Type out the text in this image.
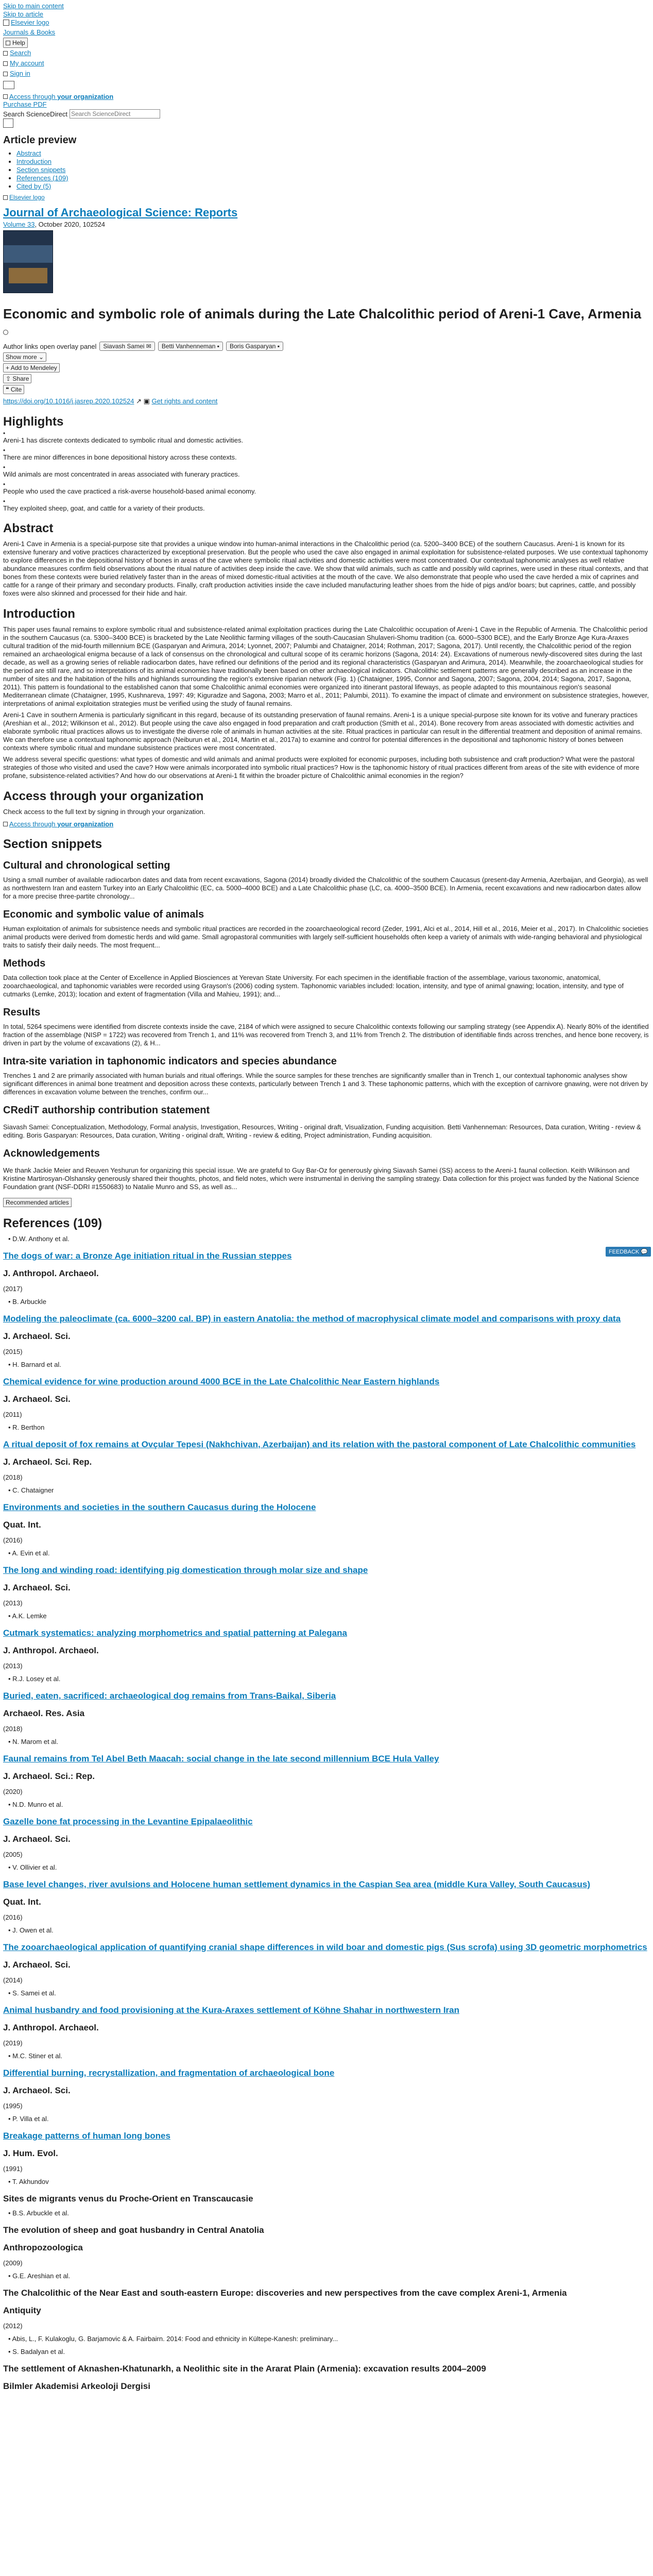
Skip to main content
Skip to article
Elsevier logo
Journals & Books
Help
Search
My account
Sign in
Access through your organization
Purchase PDF
Search ScienceDirect
Search ScienceDirect
Article preview
• Abstract
• Introduction
• Section snippets
• References (109)
• Cited by (5)
Elsevier logo
Journal of Archaeological Science: Reports
Volume 33, October 2020, 102524
Economic and symbolic role of animals during the Late Chalcolithic period of Areni-1 Cave, Armenia
Author links open overlay panel	Siavash Samei ✉	Betti Vanhenneman ▪	Boris Gasparyan ▪
Show more ⌄
+ Add to Mendeley
⇪ Share
❝ Cite
https://doi.org/10.1016/j.jasrep.2020.102524 ↗ ▣ Get rights and content
Highlights
• Areni-1 has discrete contexts dedicated to symbolic ritual and domestic activities.
• There are minor differences in bone depositional history across these contexts.
• Wild animals are most concentrated in areas associated with funerary practices.
• People who used the cave practiced a risk-averse household-based animal economy.
• They exploited sheep, goat, and cattle for a variety of their products.
Abstract

Areni-1 Cave in Armenia is a special-purpose site that provides a unique window into human-animal interactions in the Chalcolithic period (ca. 5200–3400 BCE) of the southern Caucasus. Areni-1 is known for its extensive funerary and votive practices characterized by exceptional preservation. But the people who used the cave also engaged in animal exploitation for subsistence-related purposes. We use contextual taphonomy to explore differences in the depositional history of bones in areas of the cave where symbolic ritual activities and domestic activities were most concentrated. Our contextual taphonomic analyses as well relative abundance measures confirm field observations about the ritual nature of activities deep inside the cave. We show that wild animals, such as cattle and possibly wild caprines, were used in these ritual contexts, and that bones from these contexts were buried relatively faster than in the areas of mixed domestic-ritual activities at the mouth of the cave. We also demonstrate that people who used the cave herded a mix of caprines and cattle for a range of their primary and secondary products. Finally, craft production activities inside the cave included manufacturing leather shoes from the hide of pigs and/or boars; but caprines, cattle, and possibly foxes were also skinned and processed for their hide and hair.

Introduction

This paper uses faunal remains to explore symbolic ritual and subsistence-related animal exploitation practices during the Late Chalcolithic occupation of Areni-1 Cave in the Republic of Armenia. The Chalcolithic period in the southern Caucasus (ca. 5300–3400 BCE) is bracketed by the Late Neolithic farming villages of the south-Caucasian Shulaveri-Shomu tradition (ca. 6000–5300 BCE), and the Early Bronze Age Kura-Araxes cultural tradition of the mid-fourth millennium BCE (Gasparyan and Arimura, 2014; Lyonnet, 2007; Palumbi and Chataigner, 2014; Rothman, 2017; Sagona, 2017). Until recently, the Chalcolithic period of the region remained an archaeological enigma because of a lack of consensus on the chronological and cultural scope of its ceramic horizons (Sagona, 2014: 24). Excavations of numerous newly-discovered sites during the last decade, as well as a growing series of reliable radiocarbon dates, have refined our definitions of the period and its regional characteristics (Gasparyan and Arimura, 2014). Meanwhile, the zooarchaeological studies for the period are still rare, and so interpretations of its animal economies have traditionally been based on other archaeological indicators. Chalcolithic settlement patterns are generally described as an increase in the number of sites and the habitation of the hills and highlands surrounding the region's extensive riparian network (Fig. 1) (Chataigner, 1995, Connor and Sagona, 2007; Sagona, 2004, 2014; Sagona, 2017, Sagona, 2011). This pattern is foundational to the established canon that some Chalcolithic animal economies were organized into itinerant pastoral lifeways, as people adapted to this mountainous region's seasonal Mediterranean climate (Chataigner, 1995, Kushnareva, 1997: 49; Kiguradze and Sagona, 2003; Marro et al., 2011; Palumbi, 2011). To examine the impact of climate and environment on subsistence strategies, however, interpretations of animal exploitation strategies must be verified using the study of faunal remains.

Areni-1 Cave in southern Armenia is particularly significant in this regard, because of its outstanding preservation of faunal remains. Areni-1 is a unique special-purpose site known for its votive and funerary practices (Areshian et al., 2012; Wilkinson et al., 2012). But people using the cave also engaged in food preparation and craft production (Smith et al., 2014). Bone recovery from areas associated with domestic activities and elaborate symbolic ritual practices allows us to investigate the diverse role of animals in human activities at the site. Ritual practices in particular can result in the differential treatment and deposition of animal remains. We can therefore use a contextual taphonomic approach (Neiburun et al., 2014, Martin et al., 2017a) to examine and control for potential differences in the depositional and taphonomic history of bones between contexts where symbolic ritual and mundane subsistence practices were most concentrated.

We address several specific questions: what types of domestic and wild animals and animal products were exploited for economic purposes, including both subsistence and craft production? What were the pastoral strategies of those who visited and used the cave? How were animals incorporated into symbolic ritual practices? How is the taphonomic history of ritual practices different from areas of the site with evidence of more profane, subsistence-related activities? And how do our observations at Areni-1 fit within the broader picture of Chalcolithic animal economies in the region?

Access through your organization

Check access to the full text by signing in through your organization.

Access through your organization
Section snippets
Cultural and chronological setting

Using a small number of available radiocarbon dates and data from recent excavations, Sagona (2014) broadly divided the Chalcolithic of the southern Caucasus (present-day Armenia, Azerbaijan, and Georgia), as well as northwestern Iran and eastern Turkey into an Early Chalcolithic (EC, ca. 5000–4000 BCE) and a Late Chalcolithic phase (LC, ca. 4000–3500 BCE). In Armenia, recent excavations and new radiocarbon dates allow for a more precise three-partite chronology...

Economic and symbolic value of animals

Human exploitation of animals for subsistence needs and symbolic ritual practices are recorded in the zooarchaeological record (Zeder, 1991, Alci et al., 2014, Hill et al., 2016, Meier et al., 2017). In Chalcolithic societies animal products were derived from domestic herds and wild game. Small agropastoral communities with largely self-sufficient households often keep a variety of animals with wide-ranging behavioral and physiological traits to satisfy their daily needs. The most frequent...

Methods

Data collection took place at the Center of Excellence in Applied Biosciences at Yerevan State University. For each specimen in the identifiable fraction of the assemblage, various taxonomic, anatomical, zooarchaeological, and taphonomic variables were recorded using Grayson's (2006) coding system. Taphonomic variables included: location, intensity, and type of animal gnawing; location, intensity, and type of cutmarks (Lemke, 2013); location and extent of fragmentation (Villa and Mahieu, 1991); and...

Results

In total, 5264 specimens were identified from discrete contexts inside the cave, 2184 of which were assigned to secure Chalcolithic contexts following our sampling strategy (see Appendix A). Nearly 80% of the identified fraction of the assemblage (NISP = 1722) was recovered from Trench 1, and 11% was recovered from Trench 3, and 11% from Trench 2. The distribution of identifiable finds across trenches, and hence bone recovery, is driven in part by the volume of excavations (2), & H...

Intra-site variation in taphonomic indicators and species abundance

Trenches 1 and 2 are primarily associated with human burials and ritual offerings. While the source samples for these trenches are significantly smaller than in Trench 1, our contextual taphonomic analyses show significant differences in animal bone treatment and deposition across these contexts, particularly between Trench 1 and 3. These taphonomic patterns, which with the exception of carnivore gnawing, were not driven by differences in excavation volume between the trenches, confirm our...

CRediT authorship contribution statement

Siavash Samei: Conceptualization, Methodology, Formal analysis, Investigation, Resources, Writing - original draft, Visualization, Funding acquisition. Betti Vanhenneman: Resources, Data curation, Writing - review & editing. Boris Gasparyan: Resources, Data curation, Writing - original draft, Writing - review & editing, Project administration, Funding acquisition.

Acknowledgements

We thank Jackie Meier and Reuven Yeshurun for organizing this special issue. We are grateful to Guy Bar-Oz for generously giving Siavash Samei (SS) access to the Areni-1 faunal collection. Keith Wilkinson and Kristine Martirosyan-Olshansky generously shared their thoughts, photos, and field notes, which were instrumental in deriving the sampling strategy. Data collection for this project was funded by the National Science Foundation grant (NSF-DDRI #1550683) to Natalie Munro and SS, as well as...

Recommended articles
References (109)
• D.W. Anthony et al.
The dogs of war: a Bronze Age initiation ritual in the Russian steppes
J. Anthropol. Archaeol.
(2017)
• B. Arbuckle
Modeling the paleoclimate (ca. 6000–3200 cal. BP) in eastern Anatolia: the method of macrophysical climate model and comparisons with proxy data
J. Archaeol. Sci.
(2015)
• H. Barnard et al.
Chemical evidence for wine production around 4000 BCE in the Late Chalcolithic Near Eastern highlands
J. Archaeol. Sci.
(2011)
• R. Berthon
A ritual deposit of fox remains at Ovçular Tepesi (Nakhchivan, Azerbaijan) and its relation with the pastoral component of Late Chalcolithic communities
J. Archaeol. Sci. Rep.
(2018)
• C. Chataigner
Environments and societies in the southern Caucasus during the Holocene
Quat. Int.
(2016)
• A. Evin et al.
The long and winding road: identifying pig domestication through molar size and shape
J. Archaeol. Sci.
(2013)
• A.K. Lemke
Cutmark systematics: analyzing morphometrics and spatial patterning at Palegana
J. Anthropol. Archaeol.
(2013)
• R.J. Losey et al.
Buried, eaten, sacrificed: archaeological dog remains from Trans-Baikal, Siberia
Archaeol. Res. Asia
(2018)
• N. Marom et al.
Faunal remains from Tel Abel Beth Maacah: social change in the late second millennium BCE Hula Valley
J. Archaeol. Sci.: Rep.
(2020)
• N.D. Munro et al.
Gazelle bone fat processing in the Levantine Epipalaeolithic
J. Archaeol. Sci.
(2005)
• V. Ollivier et al.
Base level changes, river avulsions and Holocene human settlement dynamics in the Caspian Sea area (middle Kura Valley, South Caucasus)
Quat. Int.
(2016)
• J. Owen et al.
The zooarchaeological application of quantifying cranial shape differences in wild boar and domestic pigs (Sus scrofa) using 3D geometric morphometrics
J. Archaeol. Sci.
(2014)
• S. Samei et al.
Animal husbandry and food provisioning at the Kura-Araxes settlement of Köhne Shahar in northwestern Iran
J. Anthropol. Archaeol.
(2019)
• M.C. Stiner et al.
Differential burning, recrystallization, and fragmentation of archaeological bone
J. Archaeol. Sci.
(1995)
• P. Villa et al.
Breakage patterns of human long bones
J. Hum. Evol.
(1991)
• T. Akhundov
Sites de migrants venus du Proche-Orient en Transcaucasie
• B.S. Arbuckle et al.
The evolution of sheep and goat husbandry in Central Anatolia
Anthropozoologica
(2009)
• G.E. Areshian et al.
The Chalcolithic of the Near East and south-eastern Europe: discoveries and new perspectives from the cave complex Areni-1, Armenia
Antiquity
(2012)
• Abis, L., F. Kulakoglu, G. Barjamovic & A. Fairbairn. 2014: Food and ethnicity in Kültepe-Kanesh: preliminary...
• S. Badalyan et al.
The settlement of Aknashen-Khatunarkh, a Neolithic site in the Ararat Plain (Armenia): excavation results 2004–2009
Bilmler Akademisi Arkeoloji Dergisi
FEEDBACK 💬
